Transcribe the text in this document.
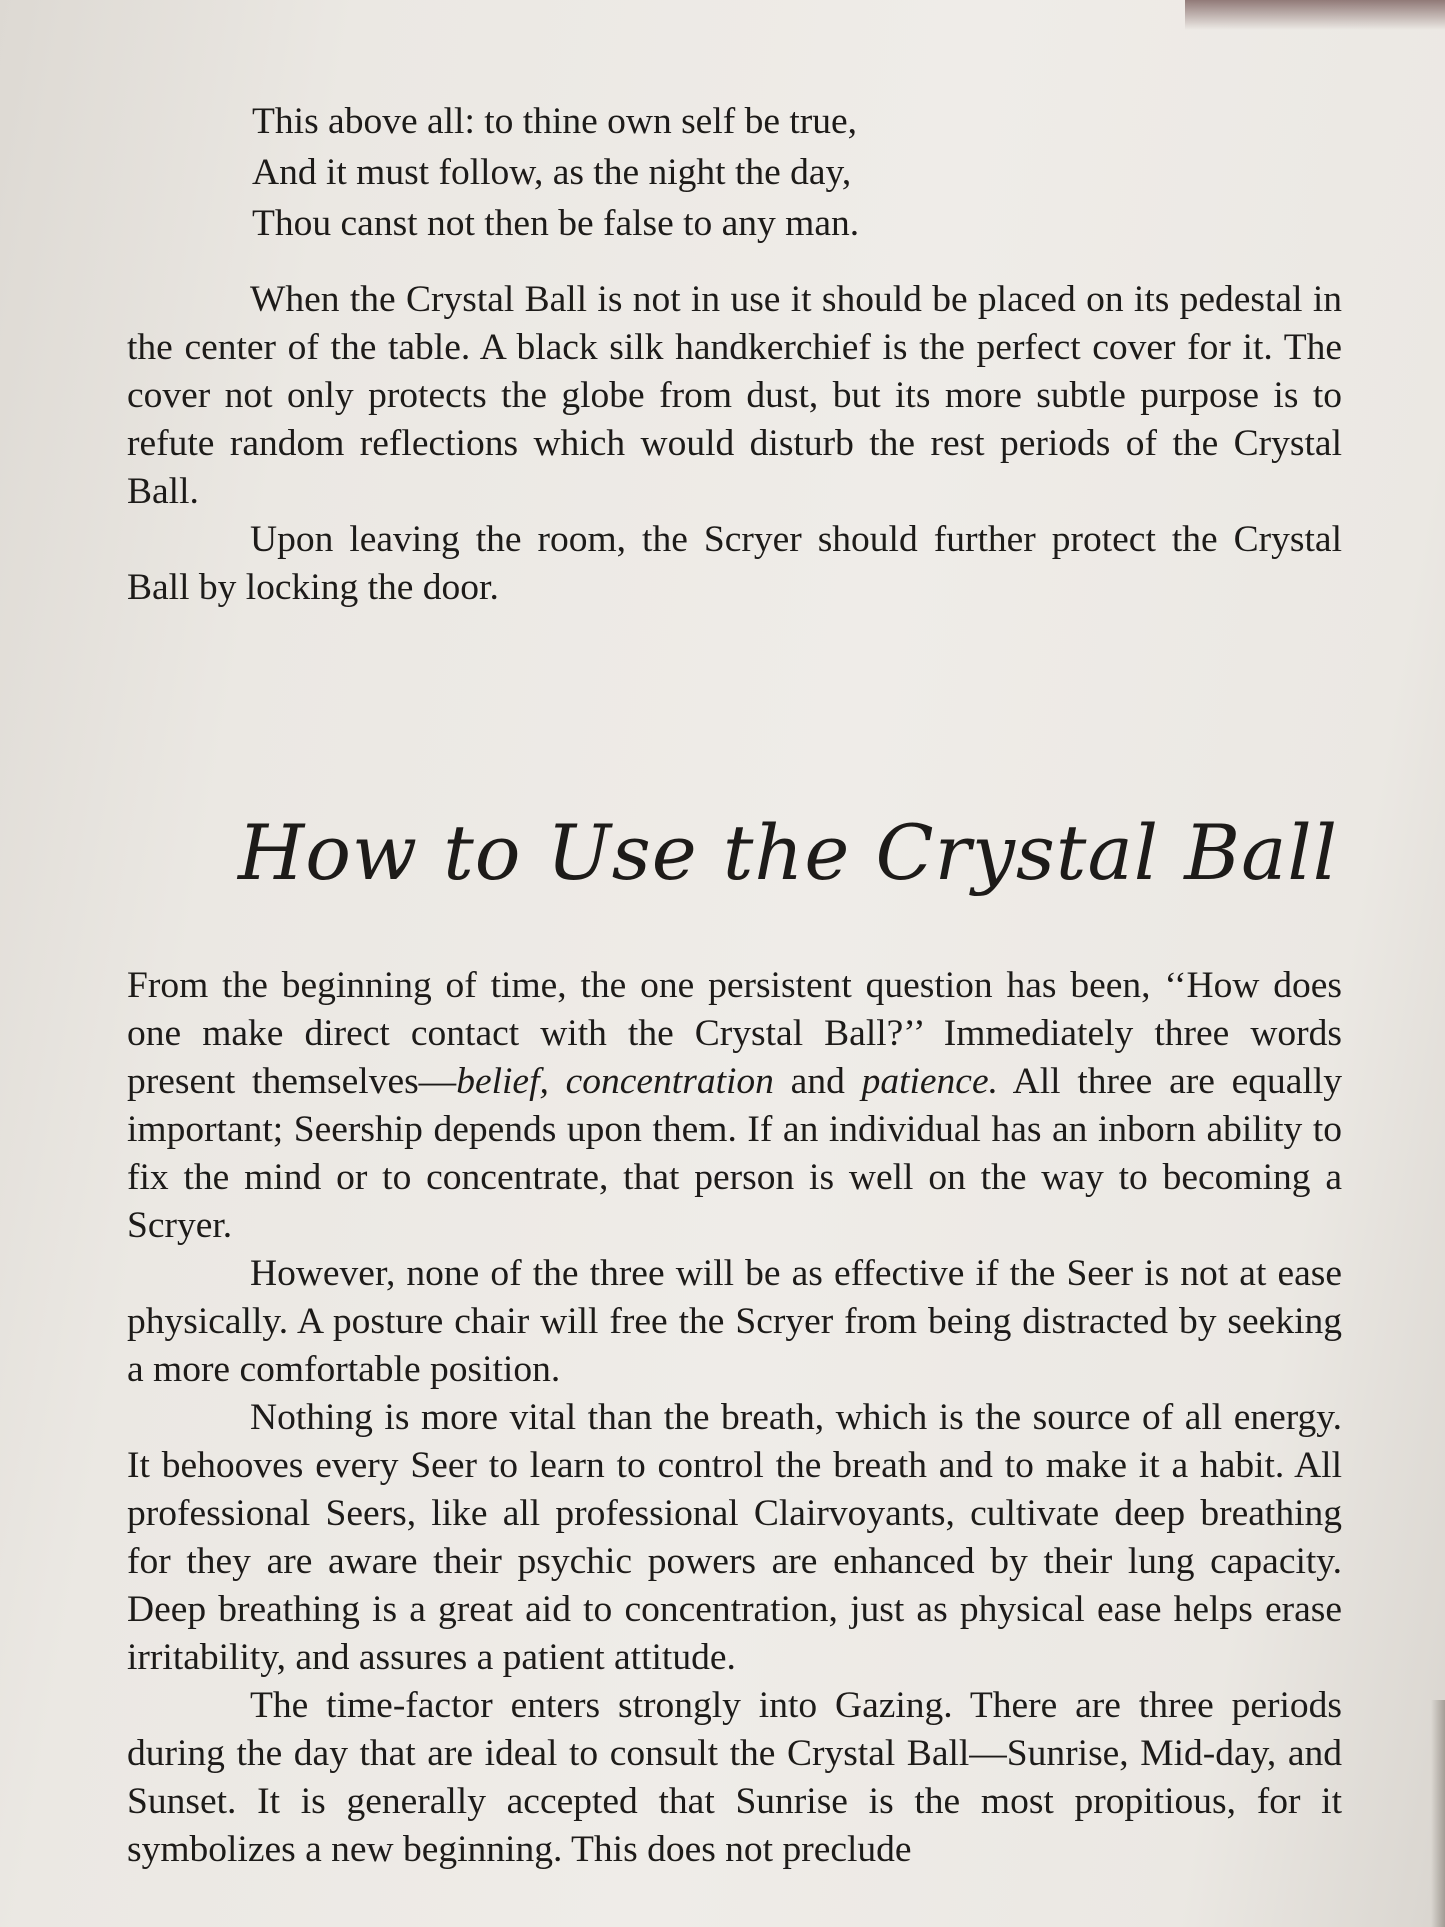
This above all: to thine own self be true,
And it must follow, as the night the day,
Thou canst not then be false to any man.

When the Crystal Ball is not in use it should be placed on its pedestal in the center of the table. A black silk handkerchief is the perfect cover for it. The cover not only protects the globe from dust, but its more subtle purpose is to refute random reflections which would disturb the rest periods of the Crystal Ball.

Upon leaving the room, the Scryer should further protect the Crystal Ball by locking the door.

How to Use the Crystal Ball

From the beginning of time, the one persistent question has been, ‘‘How does one make direct contact with the Crystal Ball?’’ Immediately three words present themselves—belief, concentration and patience. All three are equally important; Seership depends upon them. If an individual has an inborn ability to fix the mind or to concentrate, that person is well on the way to becoming a Scryer.

However, none of the three will be as effective if the Seer is not at ease physically. A posture chair will free the Scryer from being distracted by seeking a more comfortable position.

Nothing is more vital than the breath, which is the source of all energy. It behooves every Seer to learn to control the breath and to make it a habit. All professional Seers, like all professional Clairvoyants, cultivate deep breathing for they are aware their psychic powers are enhanced by their lung capacity. Deep breathing is a great aid to concentration, just as physical ease helps erase irritability, and assures a patient attitude.

The time-factor enters strongly into Gazing. There are three periods during the day that are ideal to consult the Crystal Ball—Sunrise, Mid-day, and Sunset. It is generally accepted that Sunrise is the most propitious, for it symbolizes a new beginning. This does not preclude
